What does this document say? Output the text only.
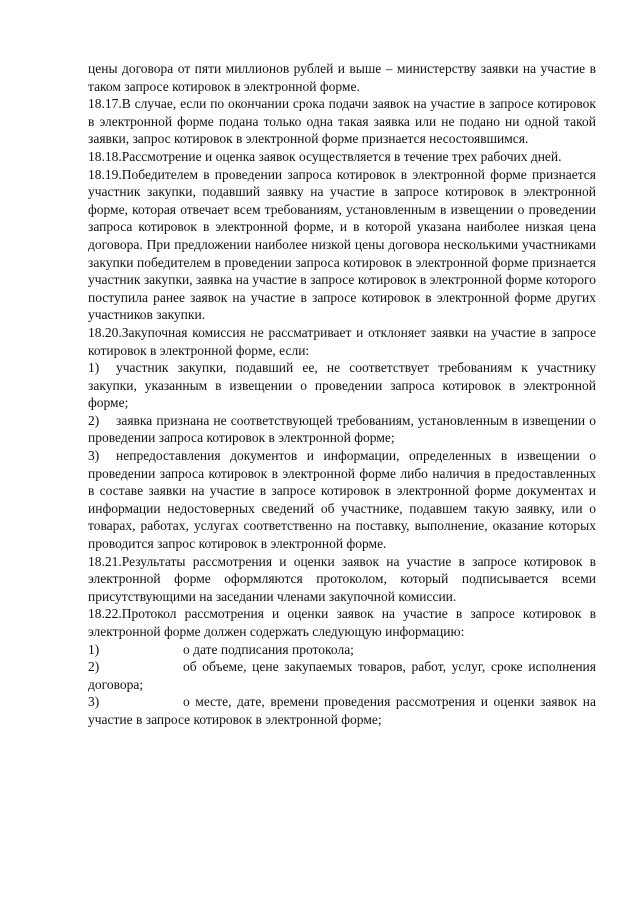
цены договора от пяти миллионов рублей и выше – министерству заявки на участие в таком запросе котировок в электронной форме.

18.17.В случае, если по окончании срока подачи заявок на участие в запросе котировок в электронной форме подана только одна такая заявка или не подано ни одной такой заявки, запрос котировок в электронной форме признается несостоявшимся.

18.18.Рассмотрение и оценка заявок осуществляется в течение трех рабочих дней.

18.19.Победителем в проведении запроса котировок в электронной форме признается участник закупки, подавший заявку на участие в запросе котировок в электронной форме, которая отвечает всем требованиям, установленным в извещении о проведении запроса котировок в электронной форме, и в которой указана наиболее низкая цена договора. При предложении наиболее низкой цены договора несколькими участниками закупки победителем в проведении запроса котировок в электронной форме признается участник закупки, заявка на участие в запросе котировок в электронной форме которого поступила ранее заявок на участие в запросе котировок в электронной форме других участников закупки.

18.20.Закупочная комиссия не рассматривает и отклоняет заявки на участие в запросе котировок в электронной форме, если:

1) участник закупки, подавший ее, не соответствует требованиям к участнику закупки, указанным в извещении о проведении запроса котировок в электронной форме;

2) заявка признана не соответствующей требованиям, установленным в извещении о проведении запроса котировок в электронной форме;

3) непредоставления документов и информации, определенных в извещении о проведении запроса котировок в электронной форме либо наличия в предоставленных в составе заявки на участие в запросе котировок в электронной форме документах и информации недостоверных сведений об участнике, подавшем такую заявку, или о товарах, работах, услугах соответственно на поставку, выполнение, оказание которых проводится запрос котировок в электронной форме.

18.21.Результаты рассмотрения и оценки заявок на участие в запросе котировок в электронной форме оформляются протоколом, который подписывается всеми присутствующими на заседании членами закупочной комиссии.

18.22.Протокол рассмотрения и оценки заявок на участие в запросе котировок в электронной форме должен содержать следующую информацию:

1)	о дате подписания протокола;

2)	об объеме, цене закупаемых товаров, работ, услуг, сроке исполнения договора;

3)	о месте, дате, времени проведения рассмотрения и оценки заявок на участие в запросе котировок в электронной форме;
